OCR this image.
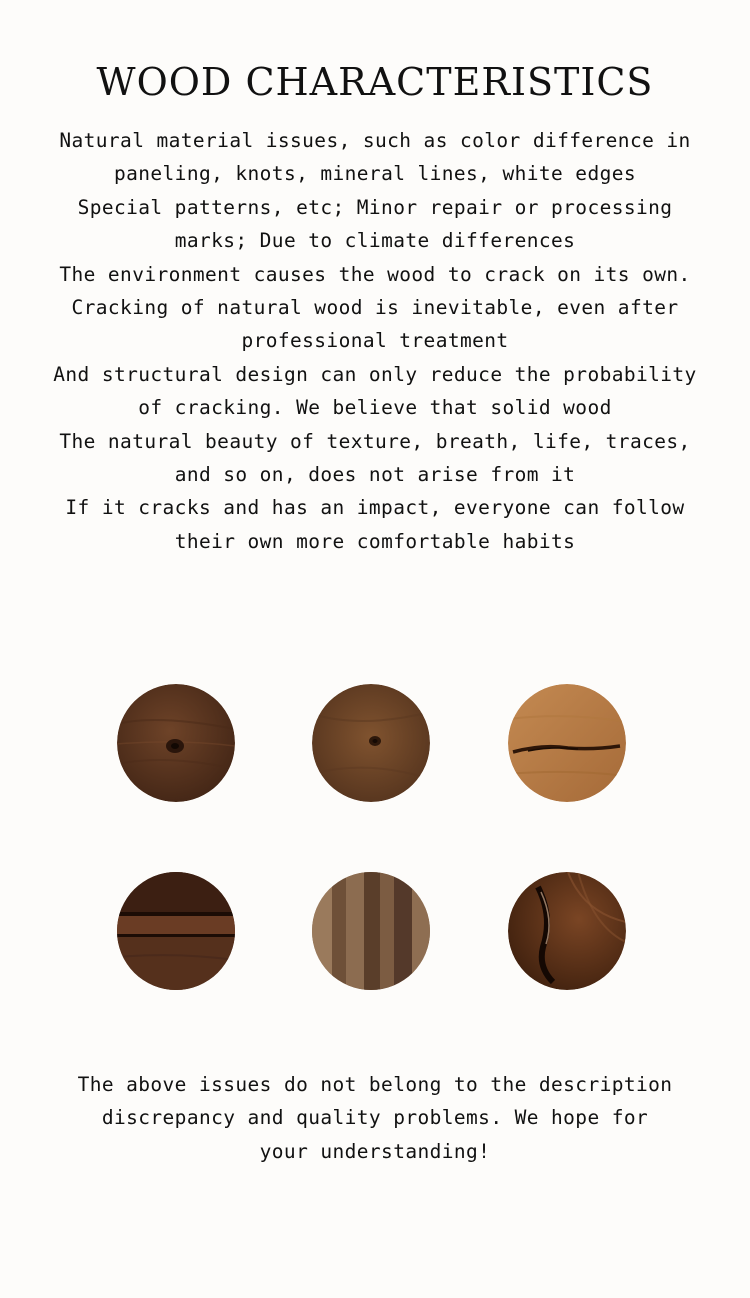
WOOD CHARACTERISTICS
Natural material issues, such as color difference in
paneling, knots, mineral lines, white edges
Special patterns, etc; Minor repair or processing
marks; Due to climate differences
The environment causes the wood to crack on its own.
Cracking of natural wood is inevitable, even after
professional treatment
And structural design can only reduce the probability
of cracking. We believe that solid wood
The natural beauty of texture, breath, life, traces,
and so on, does not arise from it
If it cracks and has an impact, everyone can follow
their own more comfortable habits
The above issues do not belong to the description
discrepancy and quality problems. We hope for
your understanding!
